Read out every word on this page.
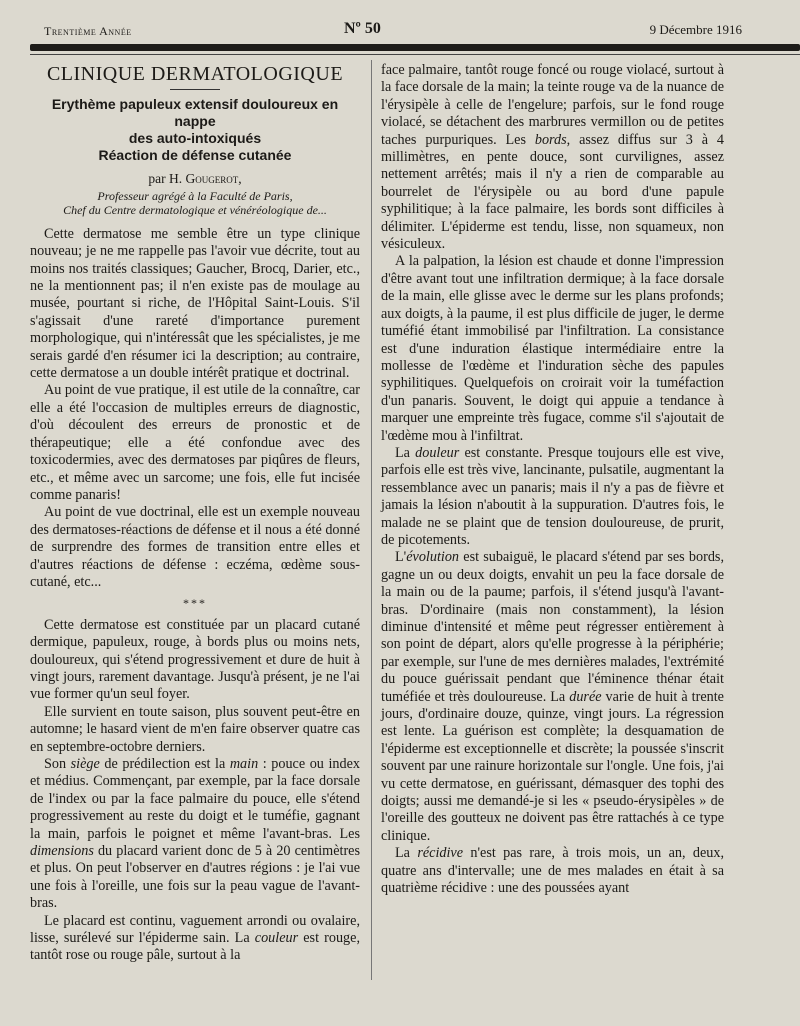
Trentième Année	Nº 50	9 Décembre 1916
CLINIQUE DERMATOLOGIQUE
Erythème papuleux extensif douloureux en nappe
des auto-intoxiqués
Réaction de défense cutanée
par H. Gougerot,
Professeur agrégé à la Faculté de Paris,
Chef du Centre dermatologique et vénéréologique de...

Cette dermatose me semble être un type clinique nouveau; je ne me rappelle pas l'avoir vue décrite, tout au moins nos traités classiques; Gaucher, Brocq, Darier, etc., ne la mentionnent pas; il n'en existe pas de moulage au musée, pourtant si riche, de l'Hôpital Saint-Louis. S'il s'agissait d'une rareté d'importance purement morphologique, qui n'intéressât que les spécialistes, je me serais gardé d'en résumer ici la description; au contraire, cette dermatose a un double intérêt pratique et doctrinal.

Au point de vue pratique, il est utile de la connaître, car elle a été l'occasion de multiples erreurs de diagnostic, d'où découlent des erreurs de pronostic et de thérapeutique; elle a été confondue avec des toxicodermies, avec des dermatoses par piqûres de fleurs, etc., et même avec un sarcome; une fois, elle fut incisée comme panaris!

Au point de vue doctrinal, elle est un exemple nouveau des dermatoses-réactions de défense et il nous a été donné de surprendre des formes de transition entre elles et d'autres réactions de défense : eczéma, œdème sous-cutané, etc...

***

Cette dermatose est constituée par un placard cutané dermique, papuleux, rouge, à bords plus ou moins nets, douloureux, qui s'étend progressivement et dure de huit à vingt jours, rarement davantage. Jusqu'à présent, je ne l'ai vue former qu'un seul foyer.

Elle survient en toute saison, plus souvent peut-être en automne; le hasard vient de m'en faire observer quatre cas en septembre-octobre derniers.

Son siège de prédilection est la main : pouce ou index et médius. Commençant, par exemple, par la face dorsale de l'index ou par la face palmaire du pouce, elle s'étend progressivement au reste du doigt et le tuméfie, gagnant la main, parfois le poignet et même l'avant-bras. Les dimensions du placard varient donc de 5 à 20 centimètres et plus. On peut l'observer en d'autres régions : je l'ai vue une fois à l'oreille, une fois sur la peau vague de l'avant-bras.

Le placard est continu, vaguement arrondi ou ovalaire, lisse, surélevé sur l'épiderme sain. La couleur est rouge, tantôt rose ou rouge pâle, surtout à la

face palmaire, tantôt rouge foncé ou rouge violacé, surtout à la face dorsale de la main; la teinte rouge va de la nuance de l'érysipèle à celle de l'engelure; parfois, sur le fond rouge violacé, se détachent des marbrures vermillon ou de petites taches purpuriques. Les bords, assez diffus sur 3 à 4 millimètres, en pente douce, sont curvilignes, assez nettement arrêtés; mais il n'y a rien de comparable au bourrelet de l'érysipèle ou au bord d'une papule syphilitique; à la face palmaire, les bords sont difficiles à délimiter. L'épiderme est tendu, lisse, non squameux, non vésiculeux.

A la palpation, la lésion est chaude et donne l'impression d'être avant tout une infiltration dermique; à la face dorsale de la main, elle glisse avec le derme sur les plans profonds; aux doigts, à la paume, il est plus difficile de juger, le derme tuméfié étant immobilisé par l'infiltration. La consistance est d'une induration élastique intermédiaire entre la mollesse de l'œdème et l'induration sèche des papules syphilitiques. Quelquefois on croirait voir la tuméfaction d'un panaris. Souvent, le doigt qui appuie a tendance à marquer une empreinte très fugace, comme s'il s'ajoutait de l'œdème mou à l'infiltrat.

La douleur est constante. Presque toujours elle est vive, parfois elle est très vive, lancinante, pulsatile, augmentant la ressemblance avec un panaris; mais il n'y a pas de fièvre et jamais la lésion n'aboutit à la suppuration. D'autres fois, le malade ne se plaint que de tension douloureuse, de prurit, de picotements.

L'évolution est subaiguë, le placard s'étend par ses bords, gagne un ou deux doigts, envahit un peu la face dorsale de la main ou de la paume; parfois, il s'étend jusqu'à l'avant-bras. D'ordinaire (mais non constamment), la lésion diminue d'intensité et même peut régresser entièrement à son point de départ, alors qu'elle progresse à la périphérie; par exemple, sur l'une de mes dernières malades, l'extrémité du pouce guérissait pendant que l'éminence thénar était tuméfiée et très douloureuse. La durée varie de huit à trente jours, d'ordinaire douze, quinze, vingt jours. La régression est lente. La guérison est complète; la desquamation de l'épiderme est exceptionnelle et discrète; la poussée s'inscrit souvent par une rainure horizontale sur l'ongle. Une fois, j'ai vu cette dermatose, en guérissant, démasquer des tophi des doigts; aussi me demandé-je si les « pseudo-érysipèles » de l'oreille des goutteux ne doivent pas être rattachés à ce type clinique.

La récidive n'est pas rare, à trois mois, un an, deux, quatre ans d'intervalle; une de mes malades en était à sa quatrième récidive : une des poussées ayant
